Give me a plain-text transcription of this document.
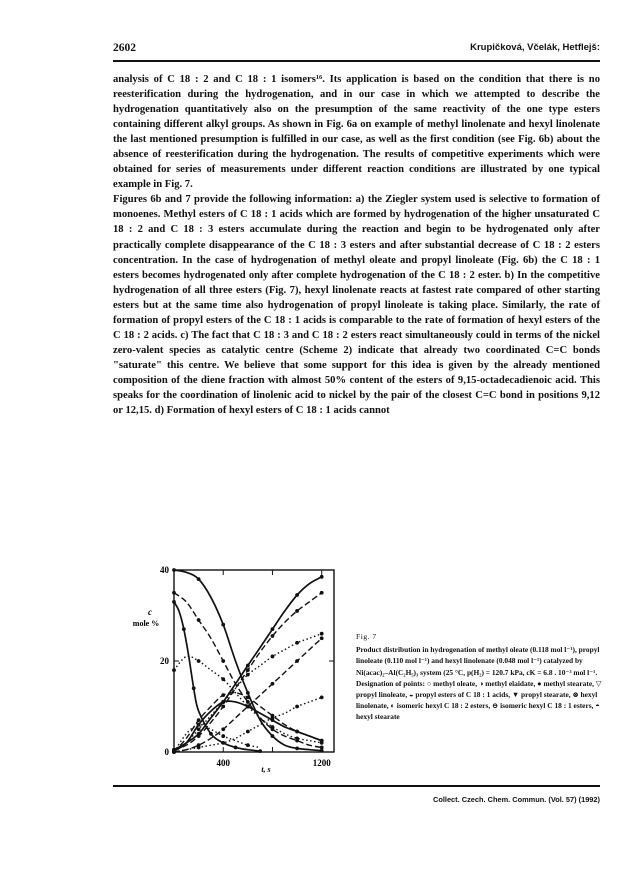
2602	Krupičková, Včelák, Hetflejš:

analysis of C 18 : 2 and C 18 : 1 isomers¹⁶. Its application is based on the condition that there is no reesterification during the hydrogenation, and in our case in which we attempted to describe the hydrogenation quantitatively also on the presumption of the same reactivity of the one type esters containing different alkyl groups. As shown in Fig. 6a on example of methyl linolenate and hexyl linolenate the last mentioned presumption is fulfilled in our case, as well as the first condition (see Fig. 6b) about the absence of reesterification during the hydrogenation. The results of competitive experiments which were obtained for series of measurements under different reaction conditions are illustrated by one typical example in Fig. 7.

Figures 6b and 7 provide the following information: a) the Ziegler system used is selective to formation of monoenes. Methyl esters of C 18 : 1 acids which are formed by hydrogenation of the higher unsaturated C 18 : 2 and C 18 : 3 esters accumulate during the reaction and begin to be hydrogenated only after practically complete disappearance of the C 18 : 3 esters and after substantial decrease of C 18 : 2 esters concentration. In the case of hydrogenation of methyl oleate and propyl linoleate (Fig. 6b) the C 18 : 1 esters becomes hydrogenated only after complete hydrogenation of the C 18 : 2 ester. b) In the competitive hydrogenation of all three esters (Fig. 7), hexyl linolenate reacts at fastest rate compared of other starting esters but at the same time also hydrogenation of propyl linoleate is taking place. Similarly, the rate of formation of propyl esters of the C 18 : 1 acids is comparable to the rate of formation of hexyl esters of the C 18 : 2 acids. c) The fact that C 18 : 3 and C 18 : 2 esters react simultaneously could in terms of the nickel zero-valent species as catalytic centre (Scheme 2) indicate that already two coordinated C=C bonds "saturate" this centre. We believe that some support for this idea is given by the already mentioned composition of the diene fraction with almost 50% content of the esters of 9,15-octadecadienoic acid. This speaks for the coordination of linolenic acid to nickel by the pair of the closest C=C bond in positions 9,12 or 12,15. d) Formation of hexyl esters of C 18 : 1 acids cannot

c
mole %
t, s
40
20
0
400	1200
Fig. 7
Product distribution in hydrogenation of methyl oleate (0.118 mol l⁻¹), propyl linoleate (0.110 mol l⁻¹) and hexyl linolenate (0.048 mol l⁻¹) catalyzed by Ni(acac)₂–Al(C₂H₅)₃ system (25 °C, p(H₂) = 120.7 kPa, cK = 6.8 . 10⁻³ mol l⁻¹. Designation of points: ○ methyl oleate, ◑ methyl elaidate, ● methyl stearate, ▽ propyl linoleate, ◒ propyl esters of C 18 : 1 acids, ▼ propyl stearate, ⊗ hexyl linolenate, ◐ isomeric hexyl C 18 : 2 esters, ⊖ isomeric hexyl C 18 : 1 esters, ◓ hexyl stearate
Collect. Czech. Chem. Commun. (Vol. 57) (1992)
